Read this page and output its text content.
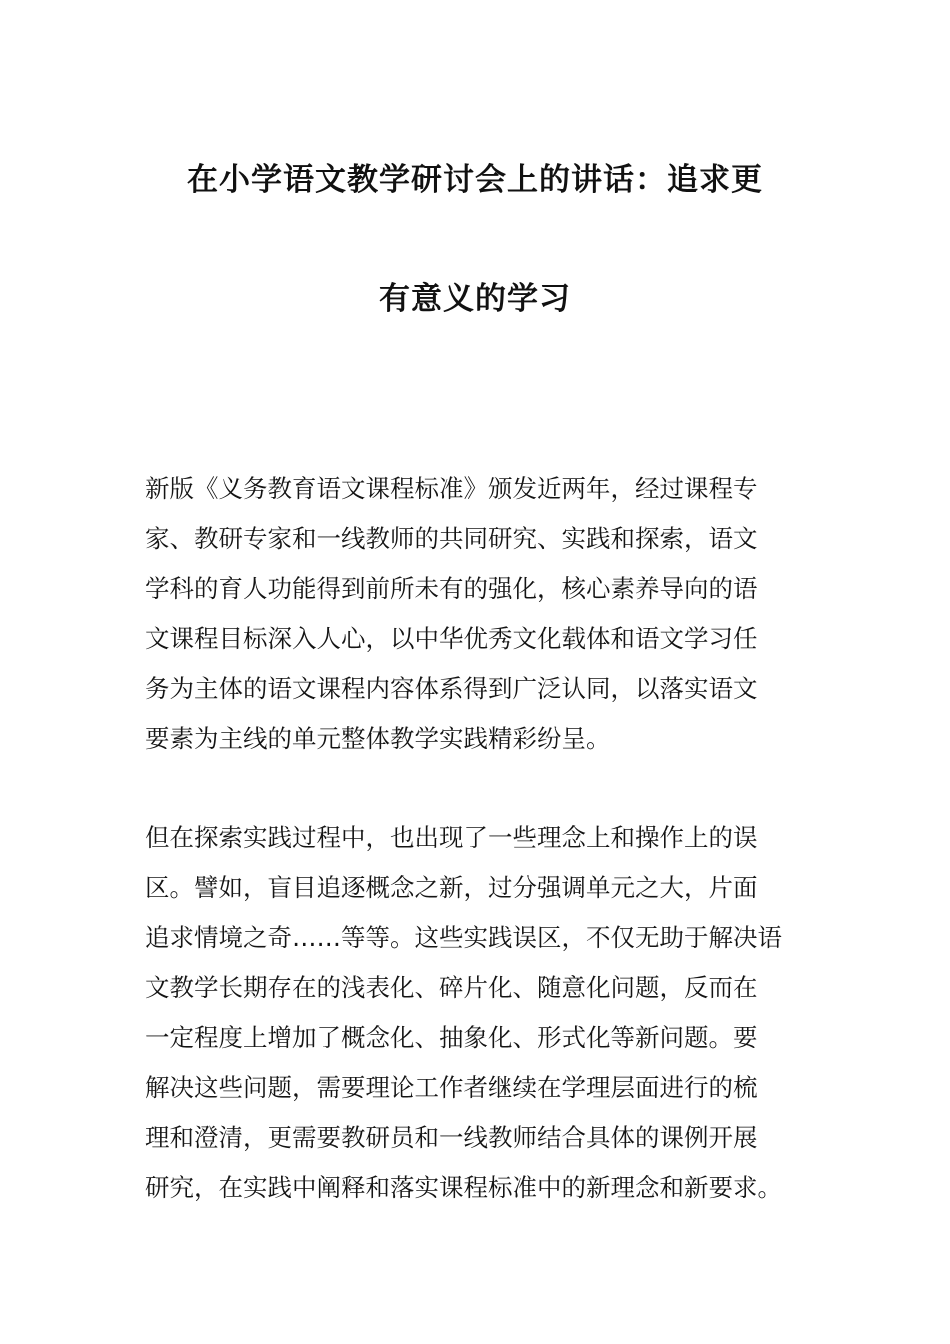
在小学语文教学研讨会上的讲话：追求更
有意义的学习
新版《义务教育语文课程标准》颁发近两年，经过课程专
家、教研专家和一线教师的共同研究、实践和探索，语文
学科的育人功能得到前所未有的强化，核心素养导向的语
文课程目标深入人心，以中华优秀文化载体和语文学习任
务为主体的语文课程内容体系得到广泛认同，以落实语文
要素为主线的单元整体教学实践精彩纷呈。
但在探索实践过程中，也出现了一些理念上和操作上的误
区。譬如，盲目追逐概念之新，过分强调单元之大，片面
追求情境之奇……等等。这些实践误区，不仅无助于解决语
文教学长期存在的浅表化、碎片化、随意化问题，反而在
一定程度上增加了概念化、抽象化、形式化等新问题。要
解决这些问题，需要理论工作者继续在学理层面进行的梳
理和澄清，更需要教研员和一线教师结合具体的课例开展
研究，在实践中阐释和落实课程标准中的新理念和新要求。
